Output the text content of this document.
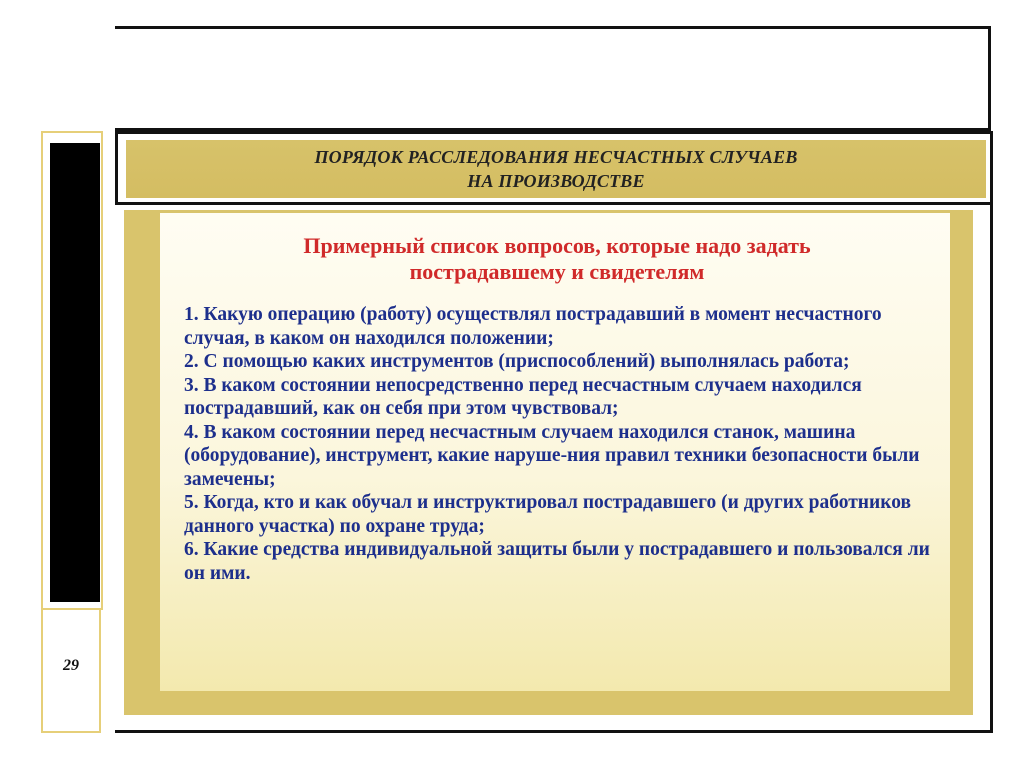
29
ПОРЯДОК РАССЛЕДОВАНИЯ НЕСЧАСТНЫХ СЛУЧАЕВ
НА ПРОИЗВОДСТВЕ
Примерный список вопросов, которые надо задать
пострадавшему и свидетелям
1. Какую операцию (работу) осуществлял пострадавший в момент несчастного случая, в каком он находился положении;
2. С помощью каких инструментов (приспособлений) выполнялась работа;
3. В каком состоянии непосредственно перед несчастным случаем находился пострадавший, как он себя при этом чувствовал;
4. В каком состоянии перед несчастным случаем находился станок, машина (оборудование), инструмент, какие наруше-ния правил техники безопасности были замечены;
5. Когда, кто и как обучал и инструктировал пострадавшего (и других работников данного участка) по охране труда;
6. Какие средства индивидуальной защиты были у пострадавшего и пользовался ли он ими.
